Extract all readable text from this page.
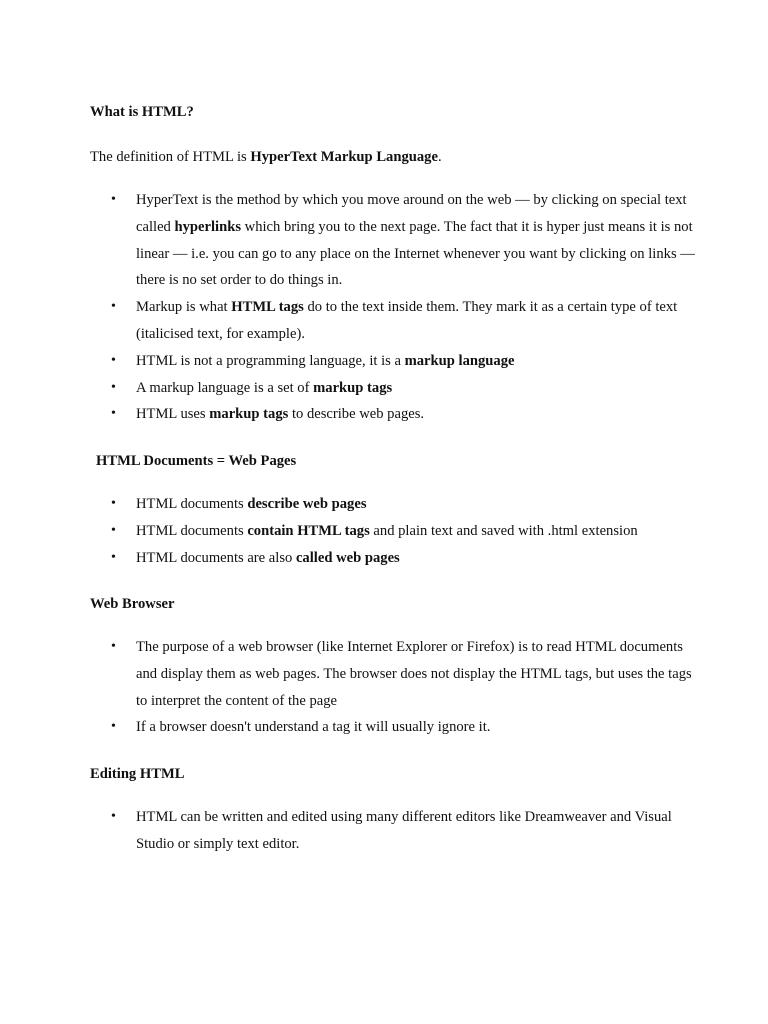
What is HTML?
The definition of HTML is HyperText Markup Language.
• HyperText is the method by which you move around on the web — by clicking on special text called hyperlinks which bring you to the next page. The fact that it is hyper just means it is not linear — i.e. you can go to any place on the Internet whenever you want by clicking on links — there is no set order to do things in.
• Markup is what HTML tags do to the text inside them. They mark it as a certain type of text (italicised text, for example).
• HTML is not a programming language, it is a markup language
• A markup language is a set of markup tags
• HTML uses markup tags to describe web pages.
HTML Documents = Web Pages
• HTML documents describe web pages
• HTML documents contain HTML tags and plain text and saved with .html extension
• HTML documents are also called web pages
Web Browser
• The purpose of a web browser (like Internet Explorer or Firefox) is to read HTML documents and display them as web pages. The browser does not display the HTML tags, but uses the tags to interpret the content of the page
• If a browser doesn't understand a tag it will usually ignore it.
Editing HTML
• HTML can be written and edited using many different editors like Dreamweaver and Visual Studio or simply text editor.
